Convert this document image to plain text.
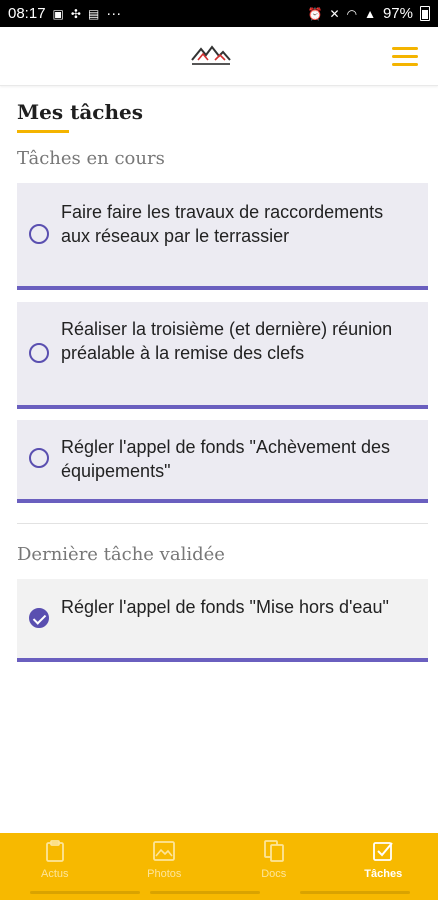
08:17 ▣ ✣ ▤ ···	⏰ ✕ ◠ ▲ 97%
Mes tâches
Tâches en cours
Faire faire les travaux de raccordements aux réseaux par le terrassier
Réaliser la troisième (et dernière) réunion préalable à la remise des clefs
Régler l'appel de fonds "Achèvement des équipements"
Dernière tâche validée
Régler l'appel de fonds "Mise hors d'eau"
Actus	Photos	Docs	Tâches
